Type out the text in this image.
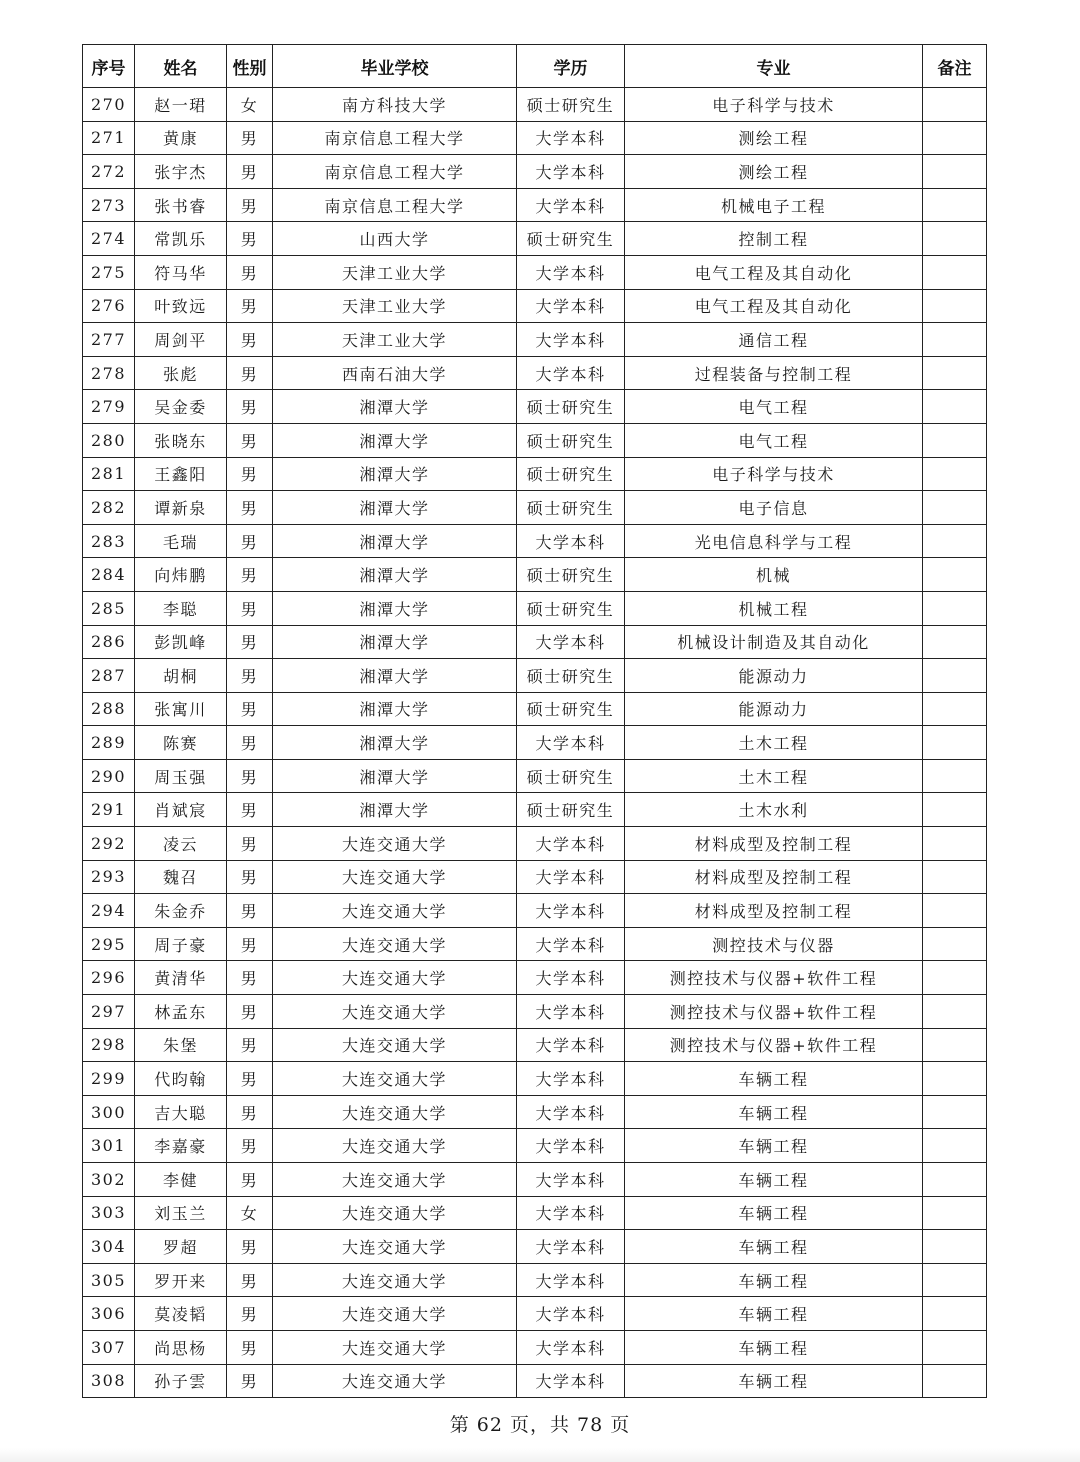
序号	姓名	性别	毕业学校	学历	专业	备注
270	赵一珺	女	南方科技大学	硕士研究生	电子科学与技术	
271	黄康	男	南京信息工程大学	大学本科	测绘工程	
272	张宇杰	男	南京信息工程大学	大学本科	测绘工程	
273	张书睿	男	南京信息工程大学	大学本科	机械电子工程	
274	常凯乐	男	山西大学	硕士研究生	控制工程	
275	符马华	男	天津工业大学	大学本科	电气工程及其自动化	
276	叶致远	男	天津工业大学	大学本科	电气工程及其自动化	
277	周剑平	男	天津工业大学	大学本科	通信工程	
278	张彪	男	西南石油大学	大学本科	过程装备与控制工程	
279	吴金委	男	湘潭大学	硕士研究生	电气工程	
280	张晓东	男	湘潭大学	硕士研究生	电气工程	
281	王鑫阳	男	湘潭大学	硕士研究生	电子科学与技术	
282	谭新泉	男	湘潭大学	硕士研究生	电子信息	
283	毛瑞	男	湘潭大学	大学本科	光电信息科学与工程	
284	向炜鹏	男	湘潭大学	硕士研究生	机械	
285	李聪	男	湘潭大学	硕士研究生	机械工程	
286	彭凯峰	男	湘潭大学	大学本科	机械设计制造及其自动化	
287	胡桐	男	湘潭大学	硕士研究生	能源动力	
288	张寓川	男	湘潭大学	硕士研究生	能源动力	
289	陈赛	男	湘潭大学	大学本科	土木工程	
290	周玉强	男	湘潭大学	硕士研究生	土木工程	
291	肖斌宸	男	湘潭大学	硕士研究生	土木水利	
292	凌云	男	大连交通大学	大学本科	材料成型及控制工程	
293	魏召	男	大连交通大学	大学本科	材料成型及控制工程	
294	朱金乔	男	大连交通大学	大学本科	材料成型及控制工程	
295	周子豪	男	大连交通大学	大学本科	测控技术与仪器	
296	黄清华	男	大连交通大学	大学本科	测控技术与仪器+软件工程	
297	林孟东	男	大连交通大学	大学本科	测控技术与仪器+软件工程	
298	朱堡	男	大连交通大学	大学本科	测控技术与仪器+软件工程	
299	代昀翰	男	大连交通大学	大学本科	车辆工程	
300	吉大聪	男	大连交通大学	大学本科	车辆工程	
301	李嘉豪	男	大连交通大学	大学本科	车辆工程	
302	李健	男	大连交通大学	大学本科	车辆工程	
303	刘玉兰	女	大连交通大学	大学本科	车辆工程	
304	罗超	男	大连交通大学	大学本科	车辆工程	
305	罗开来	男	大连交通大学	大学本科	车辆工程	
306	莫凌韬	男	大连交通大学	大学本科	车辆工程	
307	尚思杨	男	大连交通大学	大学本科	车辆工程	
308	孙子雲	男	大连交通大学	大学本科	车辆工程	
第 62 页，共 78 页
